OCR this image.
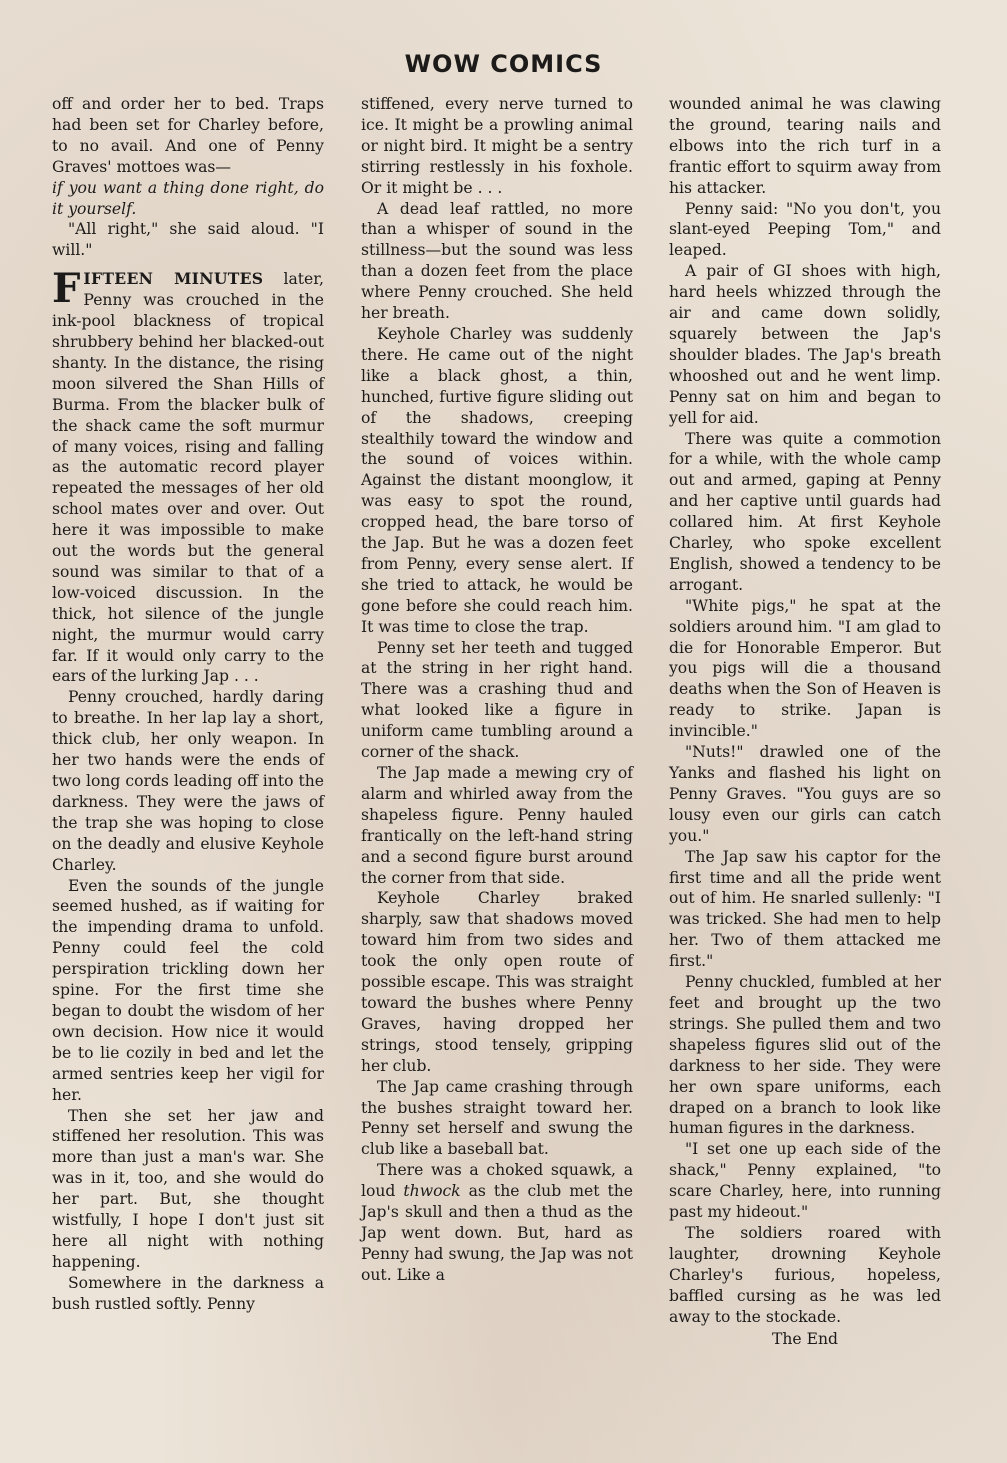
WOW COMICS

off and order her to bed. Traps had been set for Charley before, to no avail. And one of Penny Graves' mottoes was—
if you want a thing done right, do it yourself.

"All right," she said aloud. "I will."

FIFTEEN MINUTES later, Penny was crouched in the ink-pool blackness of tropical shrubbery behind her blacked-out shanty. In the distance, the rising moon silvered the Shan Hills of Burma. From the blacker bulk of the shack came the soft murmur of many voices, rising and falling as the automatic record player repeated the messages of her old school mates over and over. Out here it was impossible to make out the words but the general sound was similar to that of a low-voiced discussion. In the thick, hot silence of the jungle night, the murmur would carry far. If it would only carry to the ears of the lurking Jap . . .

Penny crouched, hardly daring to breathe. In her lap lay a short, thick club, her only weapon. In her two hands were the ends of two long cords leading off into the darkness. They were the jaws of the trap she was hoping to close on the deadly and elusive Keyhole Charley.

Even the sounds of the jungle seemed hushed, as if waiting for the impending drama to unfold. Penny could feel the cold perspiration trickling down her spine. For the first time she began to doubt the wisdom of her own decision. How nice it would be to lie cozily in bed and let the armed sentries keep her vigil for her.

Then she set her jaw and stiffened her resolution. This was more than just a man's war. She was in it, too, and she would do her part. But, she thought wistfully, I hope I don't just sit here all night with nothing happening.

Somewhere in the darkness a bush rustled softly. Penny

stiffened, every nerve turned to ice. It might be a prowling animal or night bird. It might be a sentry stirring restlessly in his foxhole. Or it might be . . .

A dead leaf rattled, no more than a whisper of sound in the stillness—but the sound was less than a dozen feet from the place where Penny crouched. She held her breath.

Keyhole Charley was suddenly there. He came out of the night like a black ghost, a thin, hunched, furtive figure sliding out of the shadows, creeping stealthily toward the window and the sound of voices within. Against the distant moonglow, it was easy to spot the round, cropped head, the bare torso of the Jap. But he was a dozen feet from Penny, every sense alert. If she tried to attack, he would be gone before she could reach him. It was time to close the trap.

Penny set her teeth and tugged at the string in her right hand. There was a crashing thud and what looked like a figure in uniform came tumbling around a corner of the shack.

The Jap made a mewing cry of alarm and whirled away from the shapeless figure. Penny hauled frantically on the left-hand string and a second figure burst around the corner from that side.

Keyhole Charley braked sharply, saw that shadows moved toward him from two sides and took the only open route of possible escape. This was straight toward the bushes where Penny Graves, having dropped her strings, stood tensely, gripping her club.

The Jap came crashing through the bushes straight toward her. Penny set herself and swung the club like a baseball bat.

There was a choked squawk, a loud thwock as the club met the Jap's skull and then a thud as the Jap went down. But, hard as Penny had swung, the Jap was not out. Like a

wounded animal he was clawing the ground, tearing nails and elbows into the rich turf in a frantic effort to squirm away from his attacker.

Penny said: "No you don't, you slant-eyed Peeping Tom," and leaped.

A pair of GI shoes with high, hard heels whizzed through the air and came down solidly, squarely between the Jap's shoulder blades. The Jap's breath whooshed out and he went limp. Penny sat on him and began to yell for aid.

There was quite a commotion for a while, with the whole camp out and armed, gaping at Penny and her captive until guards had collared him. At first Keyhole Charley, who spoke excellent English, showed a tendency to be arrogant.

"White pigs," he spat at the soldiers around him. "I am glad to die for Honorable Emperor. But you pigs will die a thousand deaths when the Son of Heaven is ready to strike. Japan is invincible."

"Nuts!" drawled one of the Yanks and flashed his light on Penny Graves. "You guys are so lousy even our girls can catch you."

The Jap saw his captor for the first time and all the pride went out of him. He snarled sullenly: "I was tricked. She had men to help her. Two of them attacked me first."

Penny chuckled, fumbled at her feet and brought up the two strings. She pulled them and two shapeless figures slid out of the darkness to her side. They were her own spare uniforms, each draped on a branch to look like human figures in the darkness.

"I set one up each side of the shack," Penny explained, "to scare Charley, here, into running past my hideout."

The soldiers roared with laughter, drowning Keyhole Charley's furious, hopeless, baffled cursing as he was led away to the stockade.

The End
